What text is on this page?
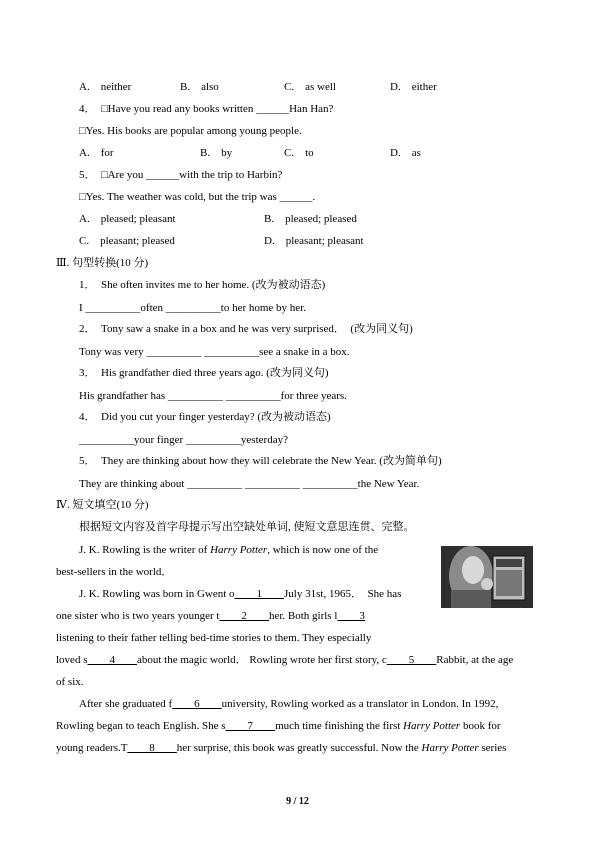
A.　neither	B.　also	C.　as well	D.　either
4．　□Have you read any books written ______Han Han?
□Yes. His books are popular among young people.
A.　for	B.　by	C.　to	D.　as
5．　□Are you ______with the trip to Harbin?
□Yes. The weather was cold, but the trip was ______.
A.　pleased; pleasant	B.　pleased; pleased
C.　pleasant; pleased	D.　pleasant; pleasant
Ⅲ. 句型转换(10 分)
1．　She often invites me to her home. (改为被动语态)
I __________often __________to her home by her.
2．　Tony saw a snake in a box and he was very surprised．　(改为同义句)
Tony was very __________ __________see a snake in a box.
3．　His grandfather died three years ago. (改为同义句)
His grandfather has __________ __________for three years.
4．　Did you cut your finger yesterday? (改为被动语态)
__________your finger __________yesterday?
5．　They are thinking about how they will celebrate the New Year. (改为简单句)
They are thinking about __________ __________ __________the New Year.
Ⅳ. 短文填空(10 分)
根据短文内容及首字母提示写出空缺处单词, 使短文意思连贯、完整。
J. K. Rowling is the writer of Harry Potter, which is now one of the
best-sellers in the world．
J. K. Rowling was born in Gwent o　　1　　July 31st, 1965．　She has
one sister who is two years younger t　　2　　her. Both girls l　　3
listening to their father telling bed-time stories to them. They especially
loved s　　4　　about the magic world． Rowling wrote her first story, c　　5　　Rabbit, at the age
of six.
After she graduated f　　6　　university, Rowling worked as a translator in London. In 1992,
Rowling began to teach English. She s　　7　　much time finishing the first Harry Potter book for
young readers.T　　8　　her surprise, this book was greatly successful. Now the Harry Potter series
9 / 12
